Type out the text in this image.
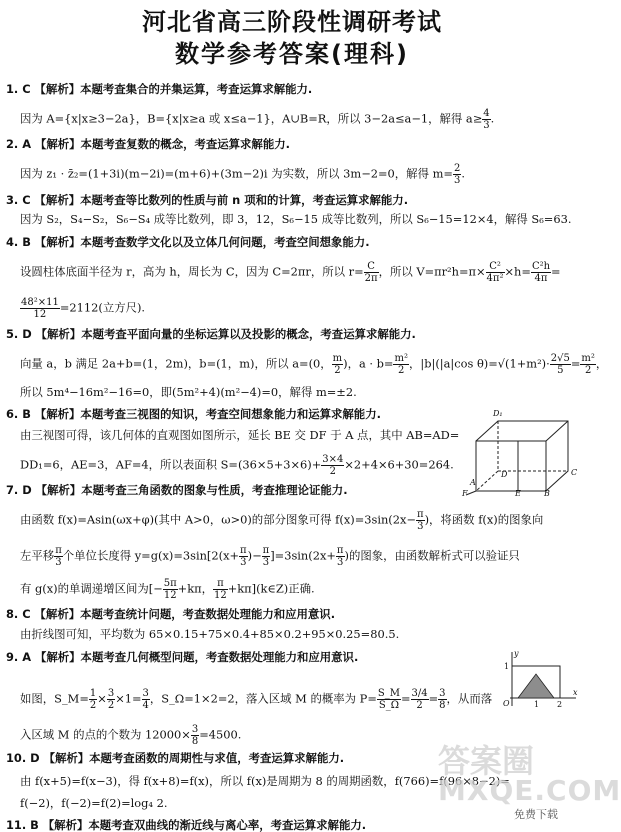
河北省高三阶段性调研考试
数学参考答案(理科)
1. C 【解析】本题考查集合的并集运算，考查运算求解能力.
因为 A={x|x≥3−2a}，B={x|x≥a 或 x≤a−1}，A∪B=R，所以 3−2a≤a−1，解得 $a\ge \frac{4}{3}$ .
2. A 【解析】本题考查复数的概念，考查运算求解能力.
因为 z₁ · z̄₂=(1+3i)(m−2i)=(m+6)+(3m−2)i 为实数，所以 3m−2=0，解得 $m= \frac{2}{3}$ .
3. C 【解析】本题考查等比数列的性质与前 n 项和的计算，考查运算求解能力.
因为 S₂，S₄−S₂，S₆−S₄ 成等比数列，即 3，12，S₆−15 成等比数列，所以 S₆−15=12×4，解得 S₆=63.
4. B 【解析】本题考查数学文化以及立体几何问题，考查空间想象能力.
设圆柱体底面半径为 r，高为 h，周长为 C，因为 C=2πr，所以 $r= \frac{C}{2\pi}$ ，所以 $V=\pi r^2h=\pi\times \frac{\text{C²}}{\text{4π²}} \times h= \frac{\text{C²h}}{4\pi}$ =
$\frac{\text{48²×11}}{12} =2112$(立方尺).
5. D 【解析】本题考查平面向量的坐标运算以及投影的概念，考查运算求解能力.
向量 a，b 满足 2a+b=(1，2m)，b=(1，m)，所以 a=(0， $\frac{m}{2}$ )，$a \cdot b= \frac{\text{m²}}{2}$ ，|b|(|a|cos $\theta)=√(1+m^2)\cdot \frac{2√5}{5} = \frac{\text{m²}}{2}$ ，
所以 5m⁴−16m²−16=0，即(5m²+4)(m²−4)=0，解得 m=±2.
6. B 【解析】本题考查三视图的知识，考查空间想象能力和运算求解能力.
由三视图可得，该几何体的直观图如图所示，延长 BE 交 DF 于 A 点，其中 AB=AD=
DD₁=6，AE=3，AF=4，所以表面积 $S=(36\times 5+3\times 6)+ \frac{3\times 4}{2} \times 2+4\times 6+30=264$.
D₁
D	C
A
F	E	B
7. D 【解析】本题考查三角函数的图象与性质，考查推理论证能力.
由函数 f(x)=Asin(ωx+φ)(其中 A>0，ω>0)的部分图象可得 $f(x)=3\sin(2x- \frac{\pi}{3}$ )，将函数 f(x)的图象向
左平移 $\frac{\pi}{3}$ 个单位长度得 $y=g(x)=3\sin[2(x+ \frac{\pi}{3}$ )− $\frac{\pi}{3} ]=3\sin(2x+ \frac{\pi}{3}$ )的图象，由函数解析式可以验证只
有 g(x)的单调递增区间为[− $\frac{5\pi}{12} +k\pi$， $\frac{\pi}{12}$ +kπ](k∈Z)正确.
8. C 【解析】本题考查统计问题，考查数据处理能力和应用意识.
由折线图可知，平均数为 65×0.15+75×0.4+85×0.2+95×0.25=80.5.
9. A 【解析】本题考查几何概型问题，考查数据处理能力和应用意识.
如图，S_M= $\frac{1}{2} \times \frac{3}{2} \times 1= \frac{3}{4}$ ，S_Ω=1×2=2，落入区域 M 的概率为 $P= \frac{S\_M}{S\_\Omega} = \frac{3/4}{2} = \frac{3}{8}$ ，从而落
入区域 M 的点的个数为 $12000\times \frac{3}{8} =4500$.
y
1
O	1 2
x
10. D 【解析】本题考查函数的周期性与求值，考查运算求解能力.
由 f(x+5)=f(x−3)，得 f(x+8)=f(x)，所以 f(x)是周期为 8 的周期函数，f(766)=f(96×8−2)=
f(−2)，f(−2)=f(2)=log₄ 2.
11. B 【解析】本题考查双曲线的渐近线与离心率，考查运算求解能力.
答案圈
MXQE.COM
免费下载
